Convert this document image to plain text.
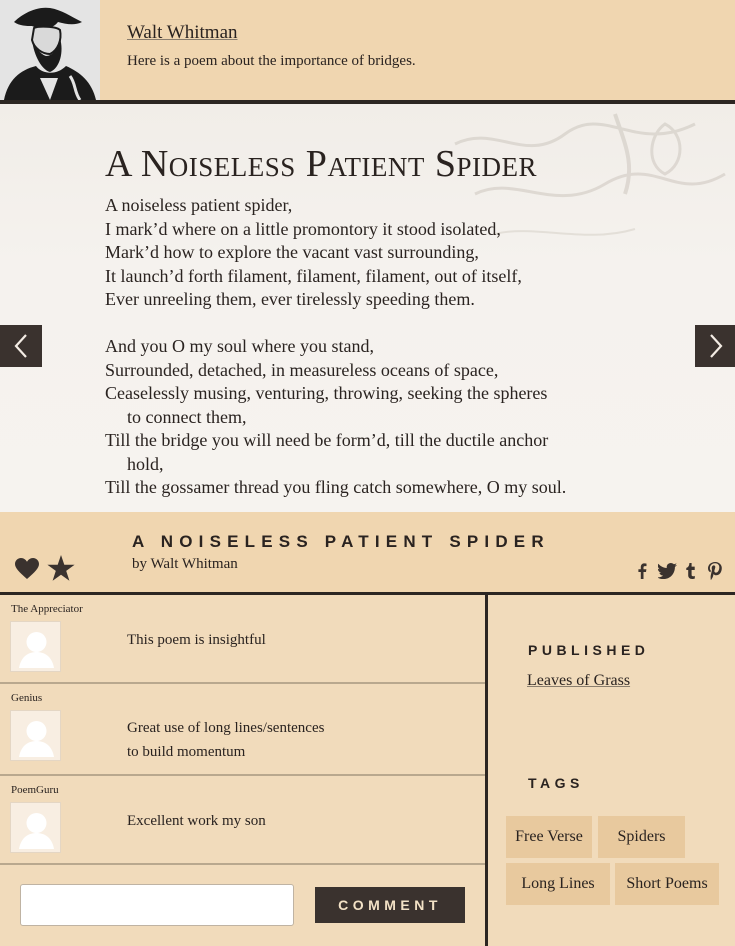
Walt Whitman
Here is a poem about the importance of bridges.
A Noiseless Patient Spider
A noiseless patient spider,
I mark’d where on a little promontory it stood isolated,
Mark’d how to explore the vacant vast surrounding,
It launch’d forth filament, filament, filament, out of itself,
Ever unreeling them, ever tirelessly speeding them.
And you O my soul where you stand,
Surrounded, detached, in measureless oceans of space,
Ceaselessly musing, venturing, throwing, seeking the spheres
to connect them,
Till the bridge you will need be form’d, till the ductile anchor
hold,
Till the gossamer thread you fling catch somewhere, O my soul.
A NOISELESS PATIENT SPIDER
by Walt Whitman
The Appreciator
This poem is insightful
Genius
Great use of long lines/sentences
to build momentum
PoemGuru
Excellent work my son
COMMENT
PUBLISHED
Leaves of Grass
TAGS
Free Verse	Spiders
Long Lines	Short Poems
